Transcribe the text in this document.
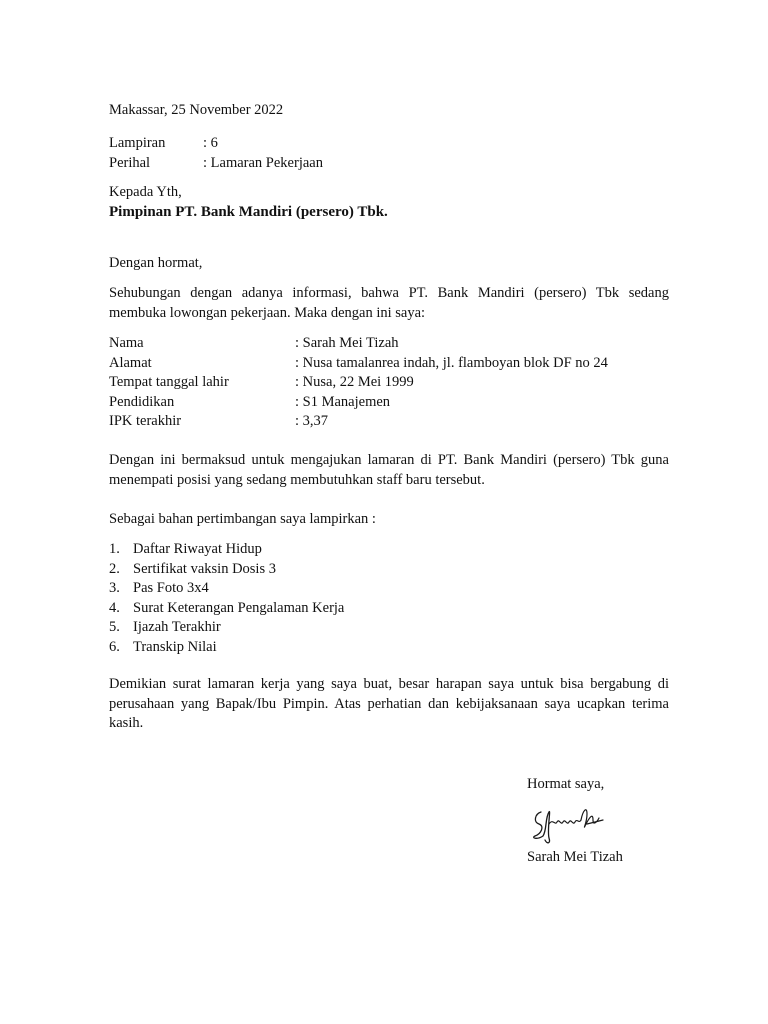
Makassar, 25 November 2022
Lampiran	: 6
Perihal	: Lamaran Pekerjaan
Kepada Yth,
Pimpinan PT. Bank Mandiri (persero) Tbk.
Dengan hormat,
Sehubungan dengan adanya informasi, bahwa PT. Bank Mandiri (persero) Tbk sedang
membuka lowongan pekerjaan. Maka dengan ini saya:
Nama	: Sarah Mei Tizah
Alamat	: Nusa tamalanrea indah, jl. flamboyan blok DF no 24
Tempat tanggal lahir	: Nusa, 22 Mei 1999
Pendidikan	: S1 Manajemen
IPK terakhir	: 3,37
Dengan ini bermaksud untuk mengajukan lamaran di PT. Bank Mandiri (persero) Tbk guna
menempati posisi yang sedang membutuhkan staff baru tersebut.
Sebagai bahan pertimbangan saya lampirkan :
1. Daftar Riwayat Hidup
2. Sertifikat vaksin Dosis 3
3. Pas Foto 3x4
4. Surat Keterangan Pengalaman Kerja
5. Ijazah Terakhir
6. Transkip Nilai
Demikian surat lamaran kerja yang saya buat, besar harapan saya untuk bisa bergabung di
perusahaan yang Bapak/Ibu Pimpin. Atas perhatian dan kebijaksanaan saya ucapkan terima
kasih.
Hormat saya,
Sarah Mei Tizah
